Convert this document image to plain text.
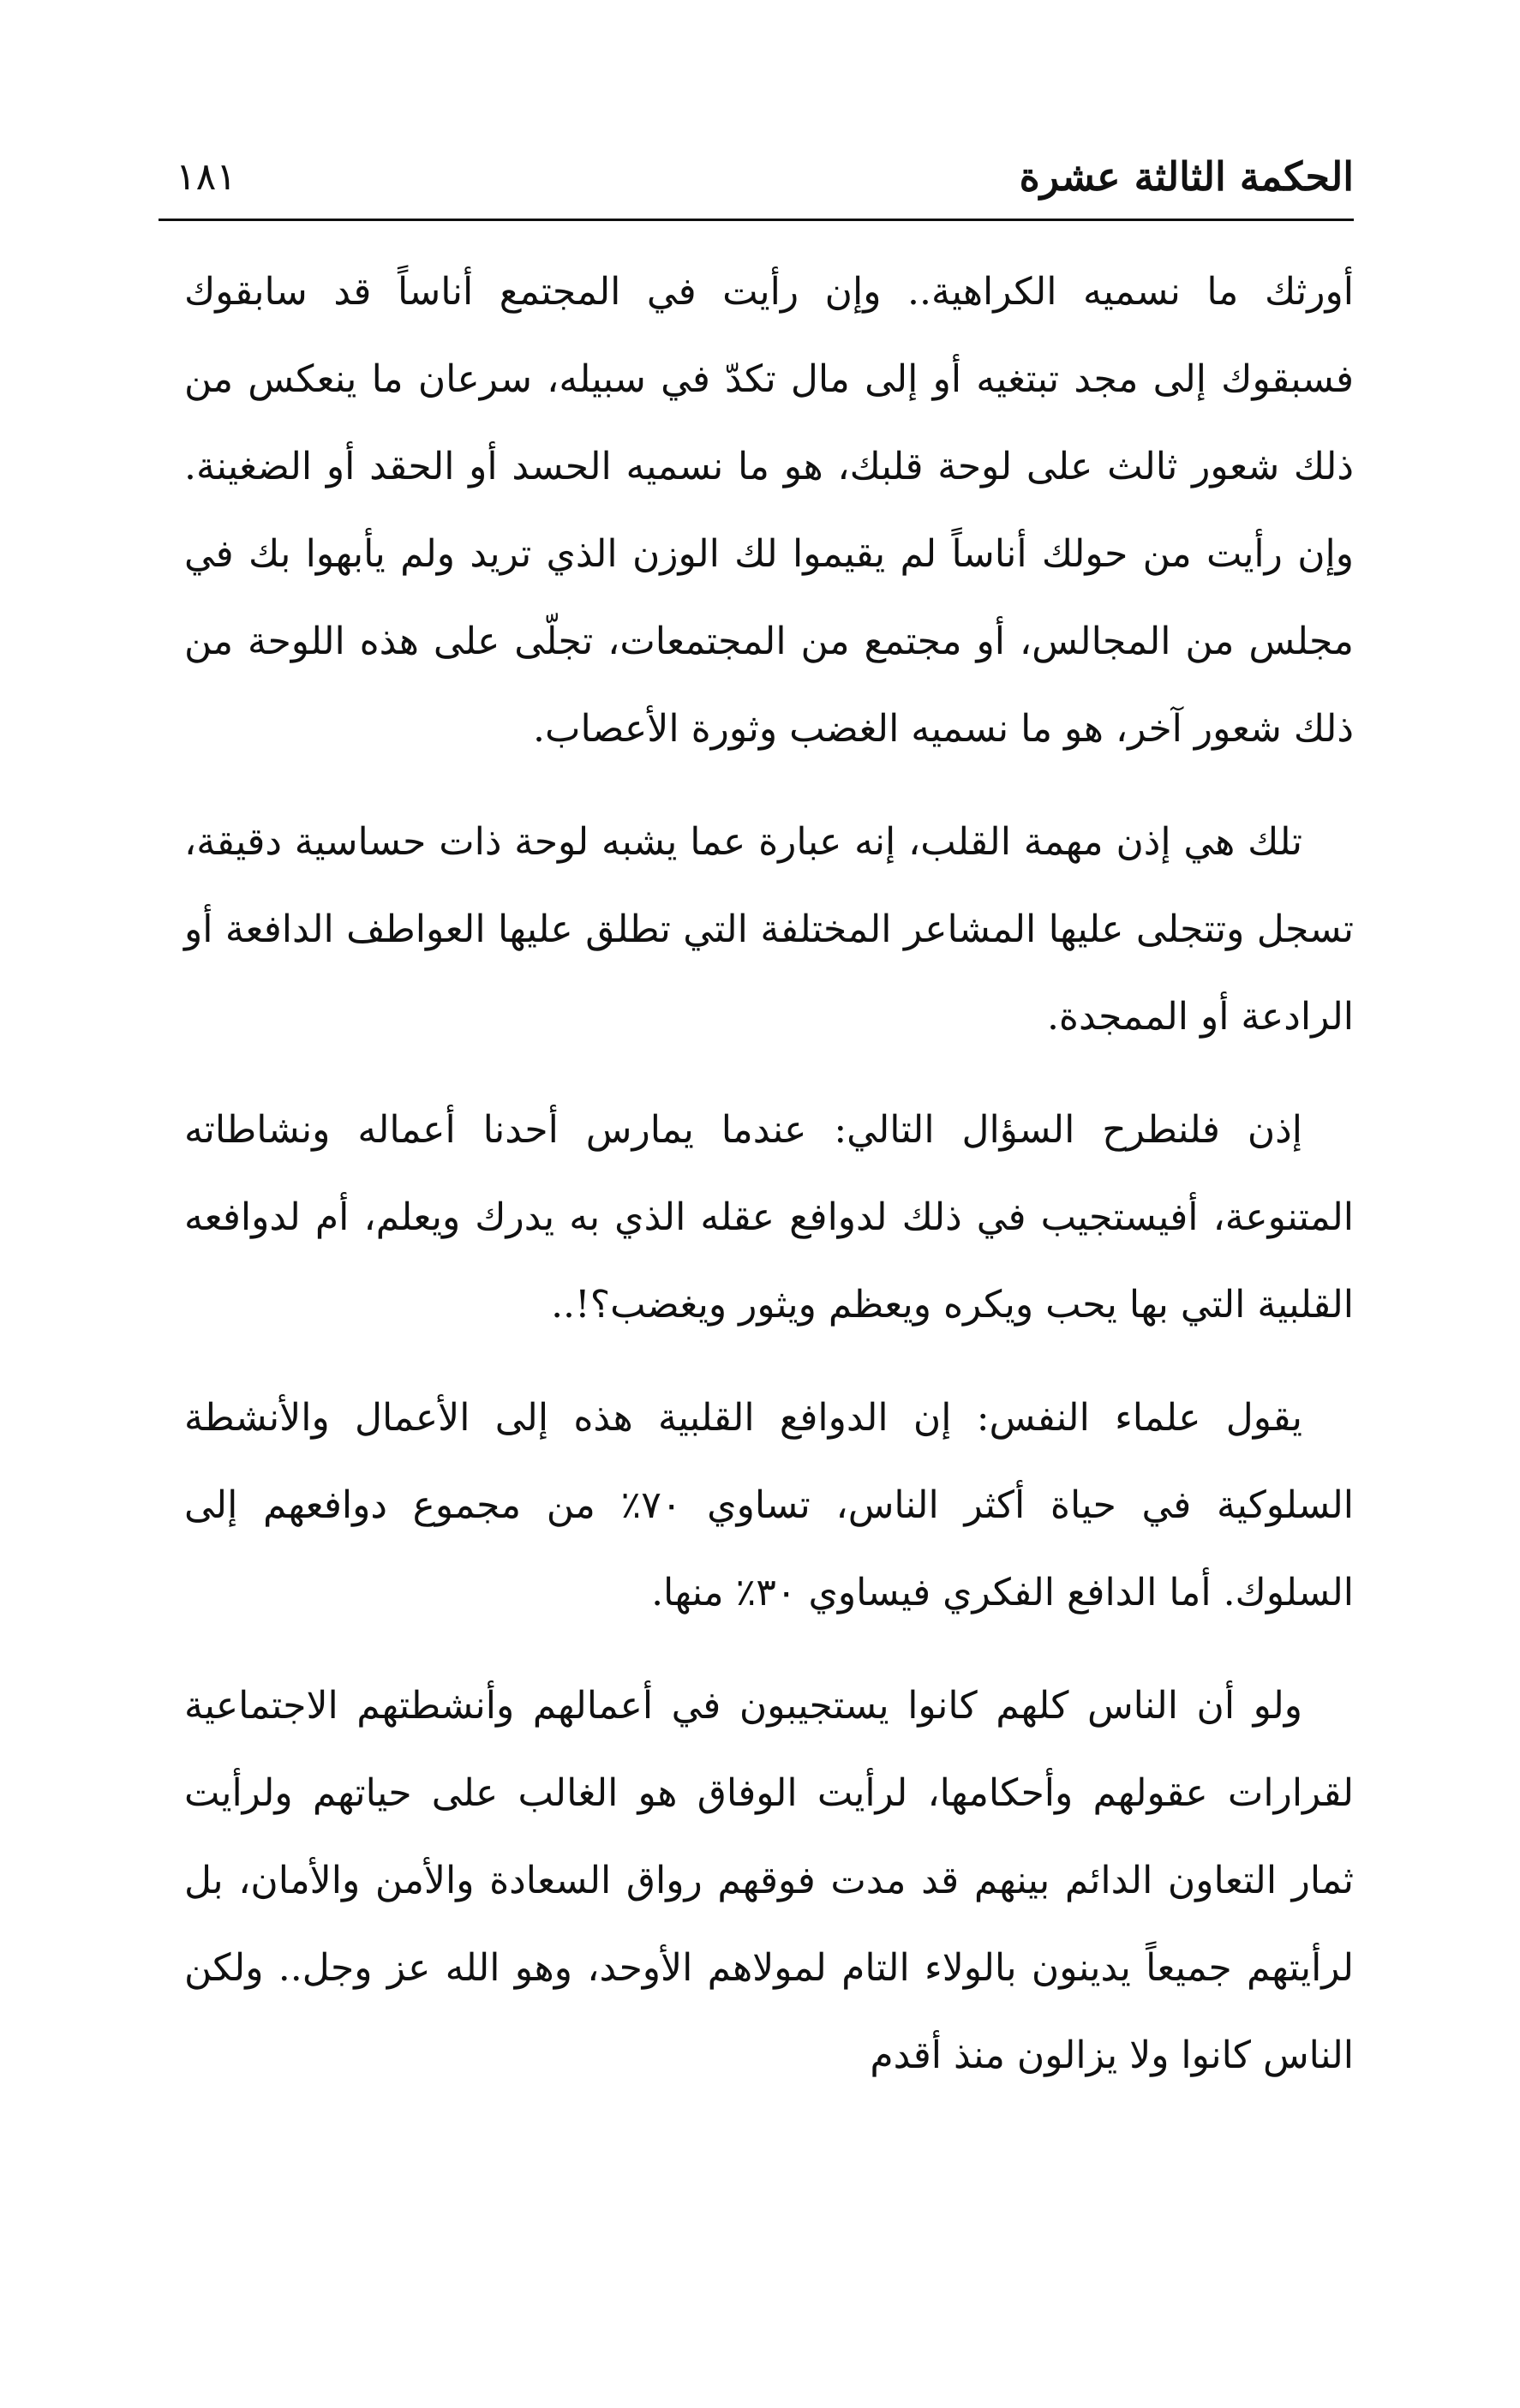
الحكمة الثالثة عشرة
١٨١

أورثك ما نسميه الكراهية.. وإن رأيت في المجتمع أناساً قد سابقوك فسبقوك إلى مجد تبتغيه أو إلى مال تكدّ في سبيله، سرعان ما ينعكس من ذلك شعور ثالث على لوحة قلبك، هو ما نسميه الحسد أو الحقد أو الضغينة. وإن رأيت من حولك أناساً لم يقيموا لك الوزن الذي تريد ولم يأبهوا بك في مجلس من المجالس، أو مجتمع من المجتمعات، تجلّى على هذه اللوحة من ذلك شعور آخر، هو ما نسميه الغضب وثورة الأعصاب.

تلك هي إذن مهمة القلب، إنه عبارة عما يشبه لوحة ذات حساسية دقيقة، تسجل وتتجلى عليها المشاعر المختلفة التي تطلق عليها العواطف الدافعة أو الرادعة أو الممجدة.

إذن فلنطرح السؤال التالي: عندما يمارس أحدنا أعماله ونشاطاته المتنوعة، أفيستجيب في ذلك لدوافع عقله الذي به يدرك ويعلم، أم لدوافعه القلبية التي بها يحب ويكره ويعظم ويثور ويغضب؟!..

يقول علماء النفس: إن الدوافع القلبية هذه إلى الأعمال والأنشطة السلوكية في حياة أكثر الناس، تساوي ٧٠٪ من مجموع دوافعهم إلى السلوك. أما الدافع الفكري فيساوي ٣٠٪ منها.

ولو أن الناس كلهم كانوا يستجيبون في أعمالهم وأنشطتهم الاجتماعية لقرارات عقولهم وأحكامها، لرأيت الوفاق هو الغالب على حياتهم ولرأيت ثمار التعاون الدائم بينهم قد مدت فوقهم رواق السعادة والأمن والأمان، بل لرأيتهم جميعاً يدينون بالولاء التام لمولاهم الأوحد، وهو الله عز وجل.. ولكن الناس كانوا ولا يزالون منذ أقدم
